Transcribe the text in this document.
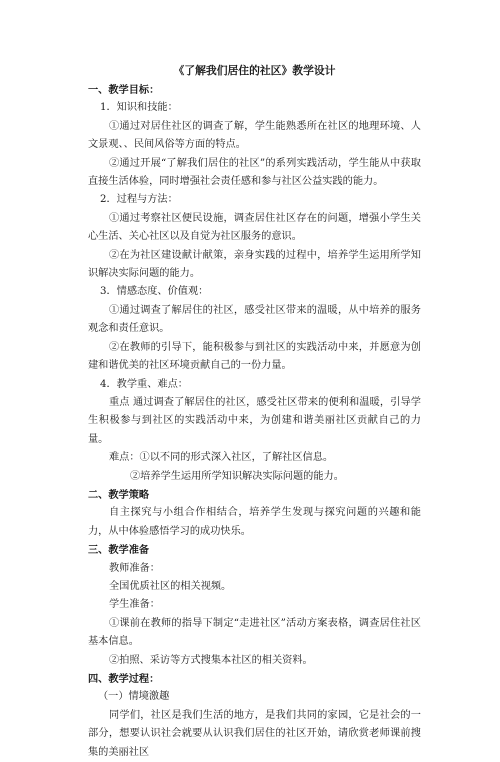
《了解我们居住的社区》教学设计

一、教学目标：

1．知识和技能：

①通过对居住社区的调查了解，学生能熟悉所在社区的地理环境、人文景观、、民间风俗等方面的特点。

②通过开展“了解我们居住的社区”的系列实践活动，学生能从中获取直接生活体验，同时增强社会责任感和参与社区公益实践的能力。

2．过程与方法：

①通过考察社区便民设施，调查居住社区存在的问题，增强小学生关心生活、关心社区以及自觉为社区服务的意识。

②在为社区建设献计献策，亲身实践的过程中，培养学生运用所学知识解决实际问题的能力。

3．情感态度、价值观：

①通过调查了解居住的社区，感受社区带来的温暖，从中培养的服务观念和责任意识。

②在教师的引导下，能积极参与到社区的实践活动中来，并愿意为创建和谐优美的社区环境贡献自己的一份力量。

4．教学重、难点：

重点 通过调查了解居住的社区，感受社区带来的便利和温暖，引导学生积极参与到社区的实践活动中来，为创建和谐美丽社区贡献自己的力量。

难点：①以不同的形式深入社区，了解社区信息。

②培养学生运用所学知识解决实际问题的能力。

二、教学策略

自主探究与小组合作相结合，培养学生发现与探究问题的兴趣和能力，从中体验感悟学习的成功快乐。

三、教学准备

教师准备：

全国优质社区的相关视频。

学生准备：

①课前在教师的指导下制定“走进社区”活动方案表格，调查居住社区基本信息。

②拍照、采访等方式搜集本社区的相关资料。

四、教学过程：

（一）情境激趣

同学们，社区是我们生活的地方，是我们共同的家园，它是社会的一部分，想要认识社会就要从认识我们居住的社区开始，请欣赏老师课前搜集的美丽社区
